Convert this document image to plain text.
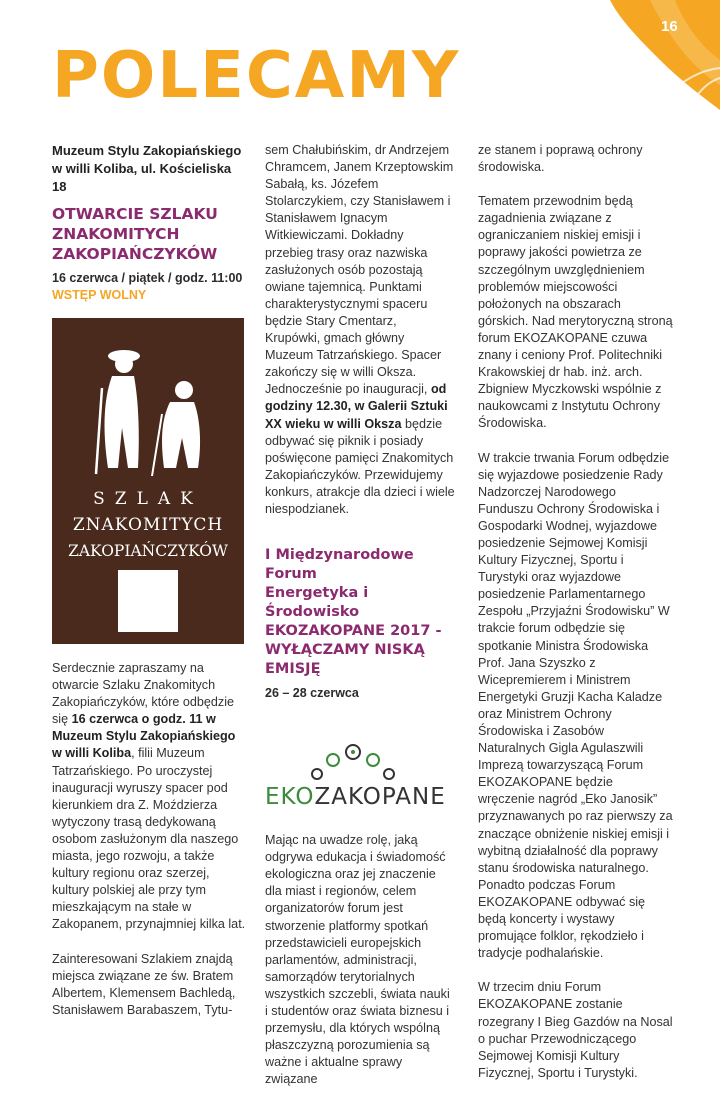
16
POLECAMY
Muzeum Stylu Zakopiańskiego
w willi Koliba, ul. Kościeliska 18
OTWARCIE SZLAKU
ZNAKOMITYCH
ZAKOPIAŃCZYKÓW
16 czerwca / piątek / godz. 11:00
WSTĘP WOLNY
SZLAK
ZNAKOMITYCH
ZAKOPIAŃCZYKÓW

Serdecznie zapraszamy na otwarcie Szlaku Znakomitych Zakopiańczyków, które odbędzie się 16 czerwca o godz. 11 w Muzeum Stylu Zakopiańskiego w willi Koliba, filii Muzeum Tatrzańskiego. Po uroczystej inauguracji wyruszy spacer pod kierunkiem dra Z. Moździerza wytyczony trasą dedykowaną osobom zasłużonym dla naszego miasta, jego rozwoju, a także kultury regionu oraz szerzej, kultury polskiej ale przy tym mieszkającym na stałe w Zakopanem, przynajmniej kilka lat.

Zainteresowani Szlakiem znajdą miejsca związane ze św. Bratem Albertem, Klemensem Bachledą, Stanisławem Barabaszem, Tytu-

sem Chałubińskim, dr Andrzejem Chramcem, Janem Krzeptowskim Sabałą, ks. Józefem Stolarczykiem, czy Stanisławem i Stanisławem Ignacym Witkiewiczami. Dokładny przebieg trasy oraz nazwiska zasłużonych osób pozostają owiane tajemnicą. Punktami charakterystycznymi spaceru będzie Stary Cmentarz, Krupówki, gmach główny Muzeum Tatrzańskiego. Spacer zakończy się w willi Oksza. Jednocześnie po inauguracji, od godziny 12.30, w Galerii Sztuki XX wieku w willi Oksza będzie odbywać się piknik i posiady poświęcone pamięci Znakomitych Zakopiańczyków. Przewidujemy konkurs, atrakcje dla dzieci i wiele niespodzianek.

I Międzynarodowe Forum
Energetyka i Środowisko
EKOZAKOPANE 2017 -
WYŁĄCZAMY NISKĄ
EMISJĘ
26 – 28 czerwca
EKOZAKOPANE

Mając na uwadze rolę, jaką odgrywa edukacja i świadomość ekologiczna oraz jej znaczenie dla miast i regionów, celem organizatorów forum jest stworzenie platformy spotkań przedstawicieli europejskich parlamentów, administracji, samorządów terytorialnych wszystkich szczebli, świata nauki i studentów oraz świata biznesu i przemysłu, dla których wspólną płaszczyzną porozumienia są ważne i aktualne sprawy związane

ze stanem i poprawą ochrony środowiska.

Tematem przewodnim będą zagadnienia związane z ograniczaniem niskiej emisji i poprawy jakości powietrza ze szczególnym uwzględnieniem problemów miejscowości położonych na obszarach górskich. Nad merytoryczną stroną forum EKOZAKOPANE czuwa znany i ceniony Prof. Politechniki Krakowskiej dr hab. inż. arch. Zbigniew Myczkowski wspólnie z naukowcami z Instytutu Ochrony Środowiska.

W trakcie trwania Forum odbędzie się wyjazdowe posiedzenie Rady Nadzorczej Narodowego Funduszu Ochrony Środowiska i Gospodarki Wodnej, wyjazdowe posiedzenie Sejmowej Komisji Kultury Fizycznej, Sportu i Turystyki oraz wyjazdowe posiedzenie Parlamentarnego Zespołu „Przyjaźni Środowisku” W trakcie forum odbędzie się spotkanie Ministra Środowiska Prof. Jana Szyszko z Wicepremierem i Ministrem Energetyki Gruzji Kacha Kaladze oraz Ministrem Ochrony Środowiska i Zasobów Naturalnych Gigla Agulaszwili Imprezą towarzyszącą Forum EKOZAKOPANE będzie wręczenie nagród „Eko Janosik” przyznawanych po raz pierwszy za znaczące obniżenie niskiej emisji i wybitną działalność dla poprawy stanu środowiska naturalnego. Ponadto podczas Forum EKOZAKOPANE odbywać się będą koncerty i wystawy promujące folklor, rękodzieło i tradycje podhalańskie.

W trzecim dniu Forum EKOZAKOPANE zostanie rozegrany I Bieg Gazdów na Nosal o puchar Przewodniczącego Sejmowej Komisji Kultury Fizycznej, Sportu i Turystyki.
